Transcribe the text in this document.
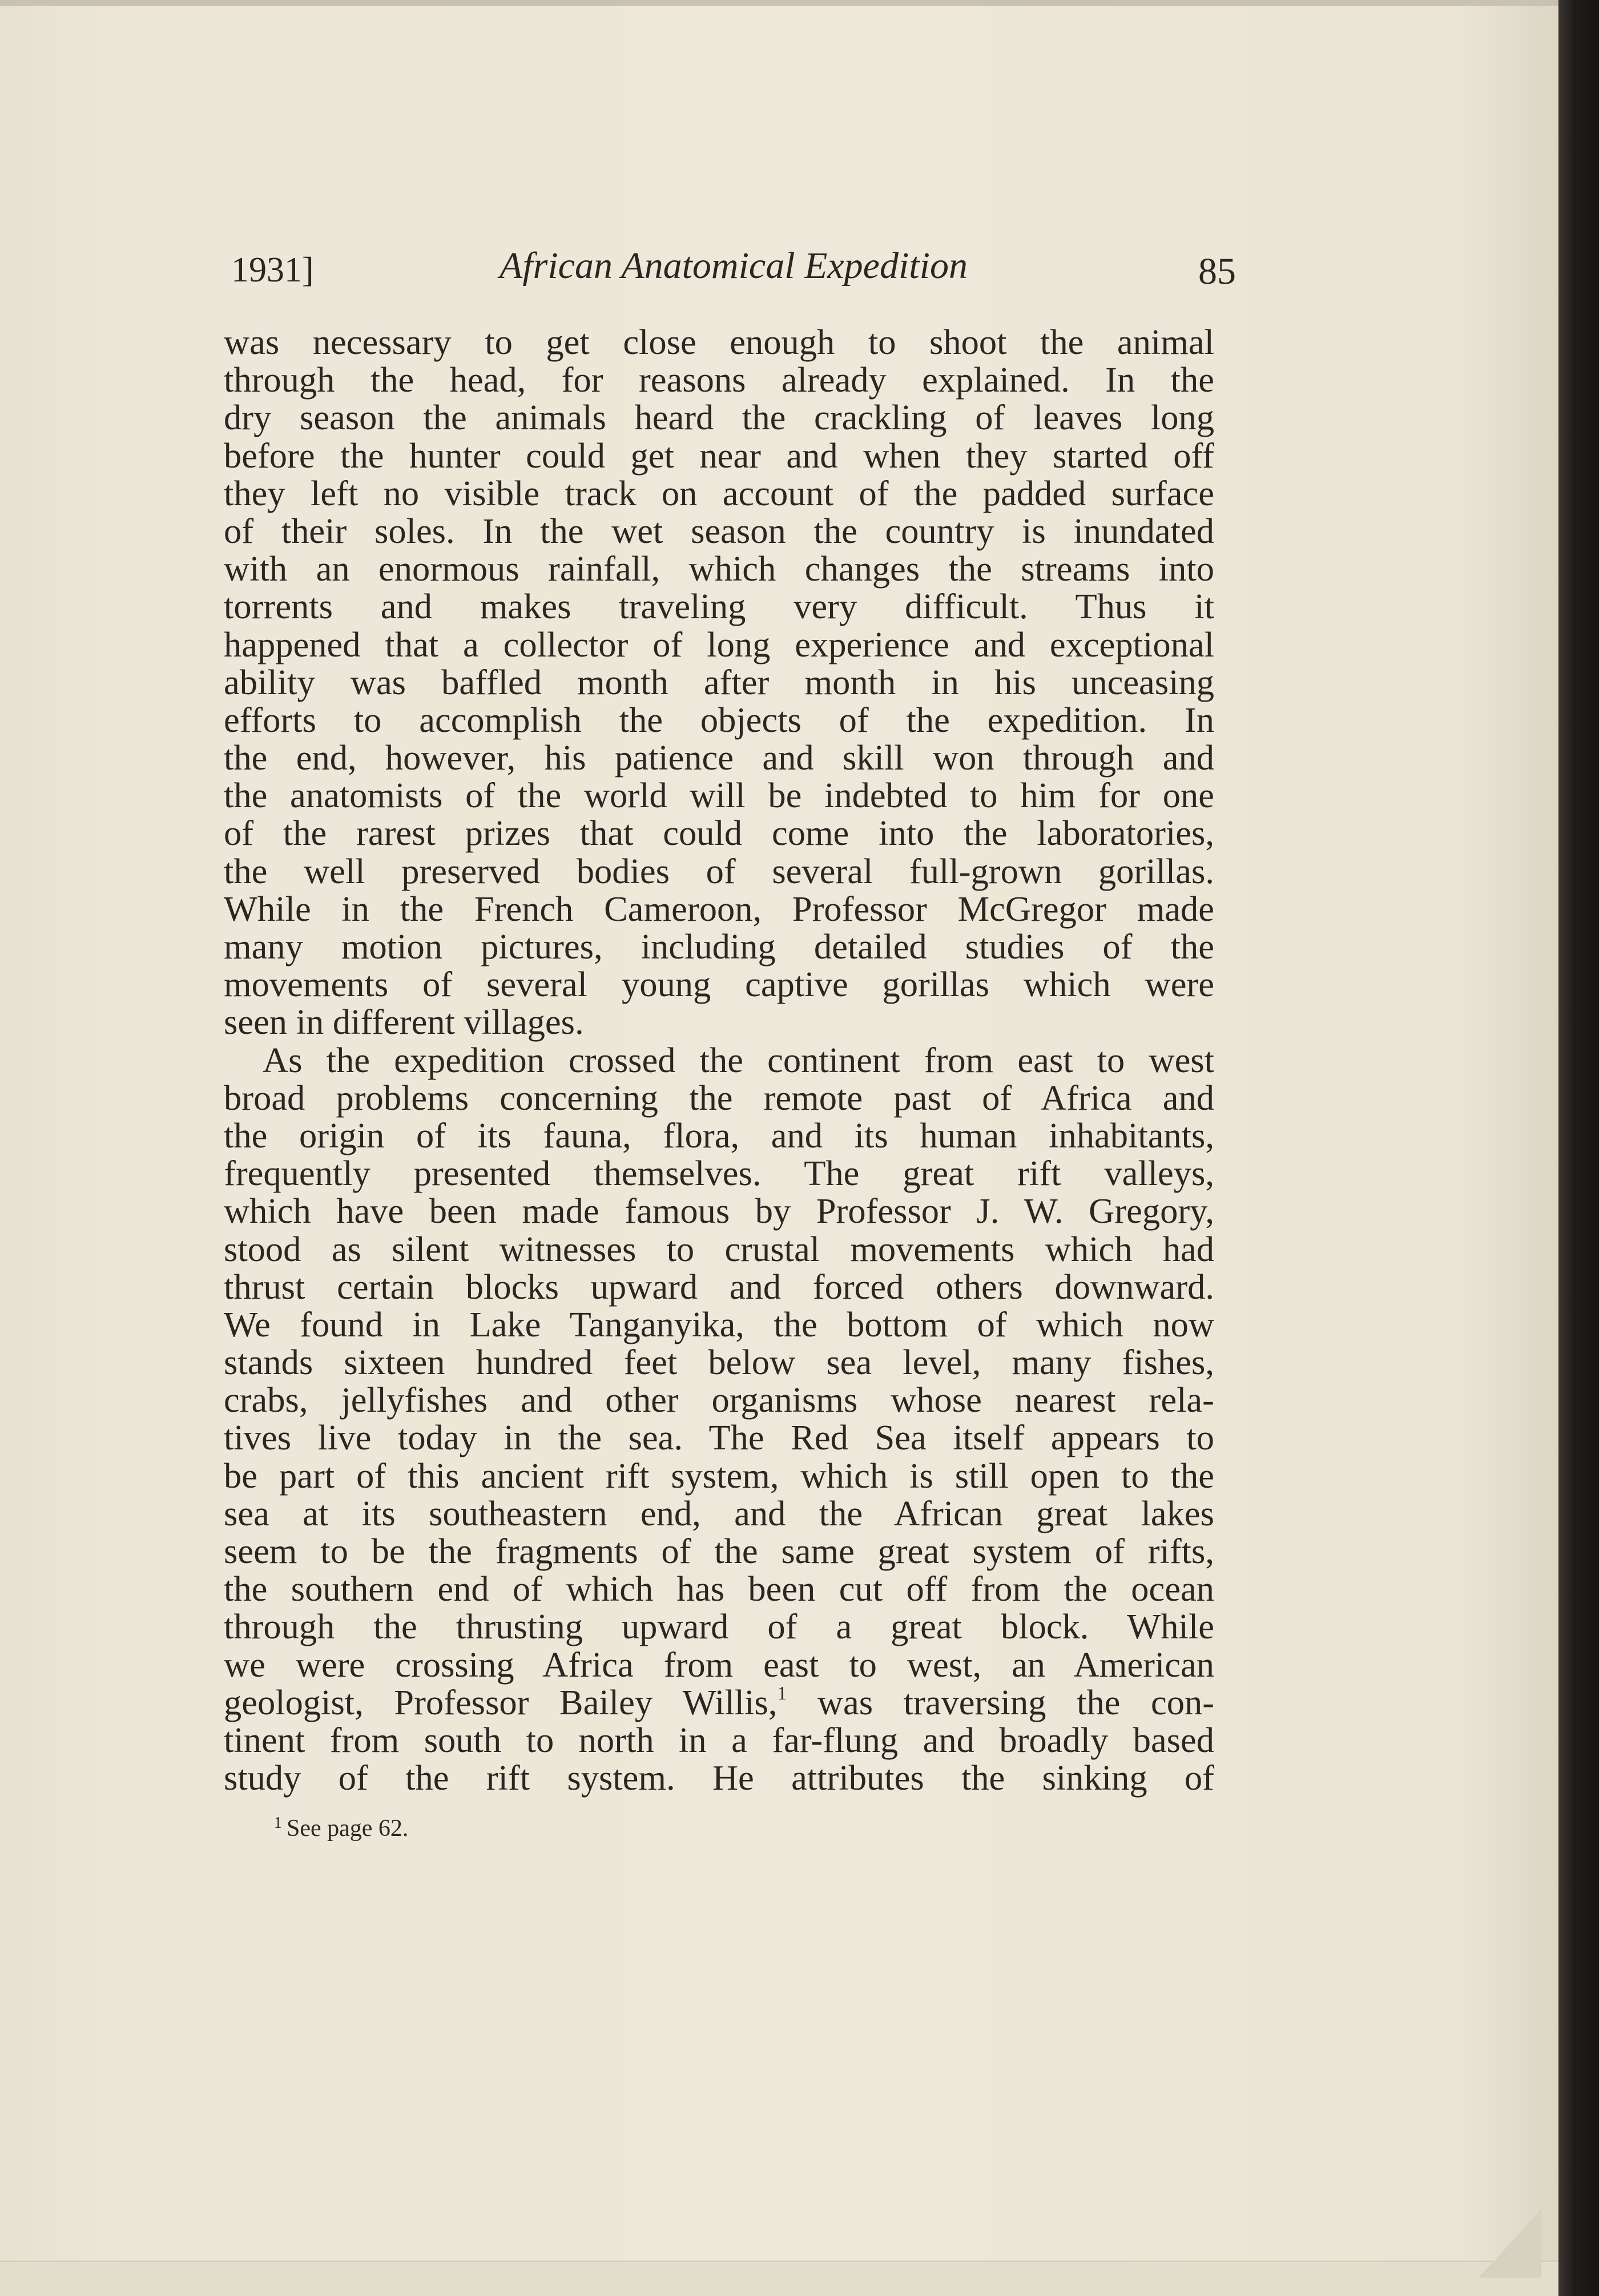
1931]	African Anatomical Expedition	85
was necessary to get close enough to shoot the animal
through the head, for reasons already explained. In the
dry season the animals heard the crackling of leaves long
before the hunter could get near and when they started off
they left no visible track on account of the padded surface
of their soles. In the wet season the country is inundated
with an enormous rainfall, which changes the streams into
torrents and makes traveling very difficult. Thus it
happened that a collector of long experience and exceptional
ability was baffled month after month in his unceasing
efforts to accomplish the objects of the expedition. In
the end, however, his patience and skill won through and
the anatomists of the world will be indebted to him for one
of the rarest prizes that could come into the laboratories,
the well preserved bodies of several full-grown gorillas.
While in the French Cameroon, Professor McGregor made
many motion pictures, including detailed studies of the
movements of several young captive gorillas which were
seen in different villages.
As the expedition crossed the continent from east to west
broad problems concerning the remote past of Africa and
the origin of its fauna, flora, and its human inhabitants,
frequently presented themselves. The great rift valleys,
which have been made famous by Professor J. W. Gregory,
stood as silent witnesses to crustal movements which had
thrust certain blocks upward and forced others downward.
We found in Lake Tanganyika, the bottom of which now
stands sixteen hundred feet below sea level, many fishes,
crabs, jellyfishes and other organisms whose nearest rela-
tives live today in the sea. The Red Sea itself appears to
be part of this ancient rift system, which is still open to the
sea at its southeastern end, and the African great lakes
seem to be the fragments of the same great system of rifts,
the southern end of which has been cut off from the ocean
through the thrusting upward of a great block. While
we were crossing Africa from east to west, an American
geologist, Professor Bailey Willis,$^1$ was traversing the con-
tinent from south to north in a far-flung and broadly based
study of the rift system. He attributes the sinking of
$^1$ See page 62.
